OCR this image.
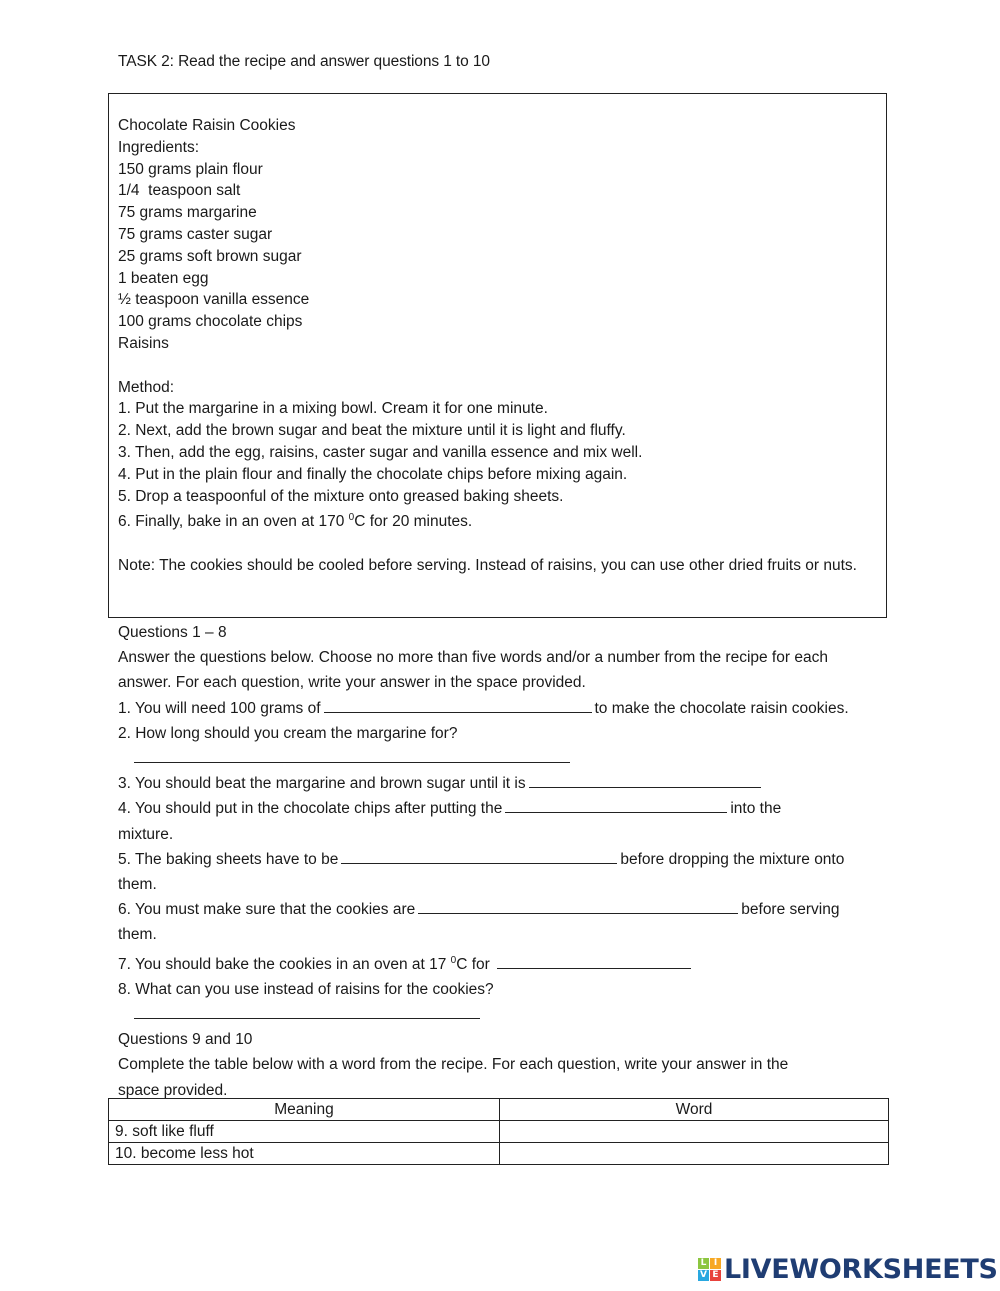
TASK 2: Read the recipe and answer questions 1 to 10
Chocolate Raisin Cookies
Ingredients:
150 grams plain flour
1/4  teaspoon salt
75 grams margarine
75 grams caster sugar
25 grams soft brown sugar
1 beaten egg
½ teaspoon vanilla essence
100 grams chocolate chips
Raisins
Method:
1. Put the margarine in a mixing bowl. Cream it for one minute.
2. Next, add the brown sugar and beat the mixture until it is light and fluffy.
3. Then, add the egg, raisins, caster sugar and vanilla essence and mix well.
4. Put in the plain flour and finally the chocolate chips before mixing again.
5. Drop a teaspoonful of the mixture onto greased baking sheets.
6. Finally, bake in an oven at 170 $^0$C for 20 minutes.
Note: The cookies should be cooled before serving. Instead of raisins, you can use other dried fruits or nuts.
Questions 1 – 8
Answer the questions below. Choose no more than five words and/or a number from the recipe for each
answer. For each question, write your answer in the space provided.
1. You will need 100 grams of	to make the chocolate raisin cookies.
2. How long should you cream the margarine for?
3. You should beat the margarine and brown sugar until it is
4. You should put in the chocolate chips after putting the	into the
mixture.
5. The baking sheets have to be	before dropping the mixture onto
them.
6. You must make sure that the cookies are	before serving
them.
7. You should bake the cookies in an oven at 17 $^0$C for
8. What can you use instead of raisins for the cookies?
Questions 9 and 10
Complete the table below with a word from the recipe. For each question, write your answer in the
space provided.
Meaning	Word
9. soft like fluff	
10. become less hot	
L I
V E LIVEWORKSHEETS
